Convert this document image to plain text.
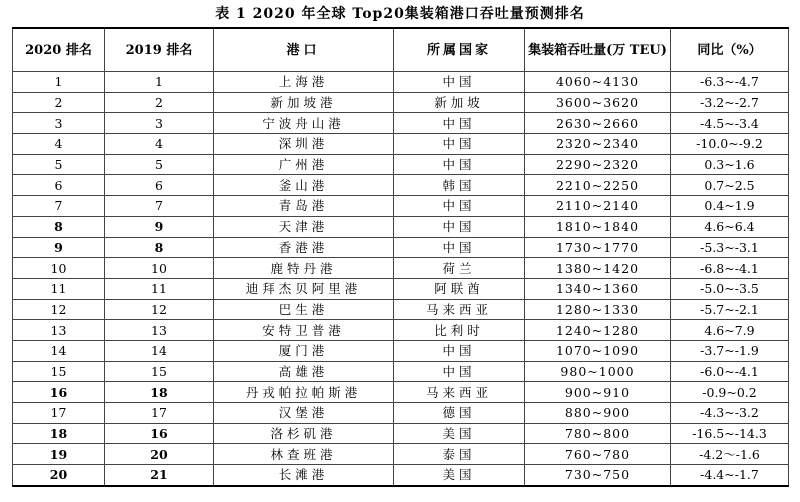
表 1 2020 年全球 Top20集装箱港口吞吐量预测排名
2020 排名	2019 排名	港口	所属国家	集装箱吞吐量(万 TEU)	同比（%）
1	1	上海港	中国	4060~4130	-6.3~-4.7
2	2	新加坡港	新加坡	3600~3620	-3.2~-2.7
3	3	宁波舟山港	中国	2630~2660	-4.5~-3.4
4	4	深圳港	中国	2320~2340	-10.0~-9.2
5	5	广州港	中国	2290~2320	0.3~1.6
6	6	釜山港	韩国	2210~2250	0.7~2.5
7	7	青岛港	中国	2110~2140	0.4~1.9
8	9	天津港	中国	1810~1840	4.6~6.4
9	8	香港港	中国	1730~1770	-5.3~-3.1
10	10	鹿特丹港	荷兰	1380~1420	-6.8~-4.1
11	11	迪拜杰贝阿里港	阿联酋	1340~1360	-5.0~-3.5
12	12	巴生港	马来西亚	1280~1330	-5.7~-2.1
13	13	安特卫普港	比利时	1240~1280	4.6~7.9
14	14	厦门港	中国	1070~1090	-3.7~-1.9
15	15	高雄港	中国	980~1000	-6.0~-4.1
16	18	丹戎帕拉帕斯港	马来西亚	900~910	-0.9~0.2
17	17	汉堡港	德国	880~900	-4.3~-3.2
18	16	洛杉矶港	美国	780~800	-16.5~-14.3
19	20	林查班港	泰国	760~780	-4.2～-1.6
20	21	长滩港	美国	730~750	-4.4~-1.7
